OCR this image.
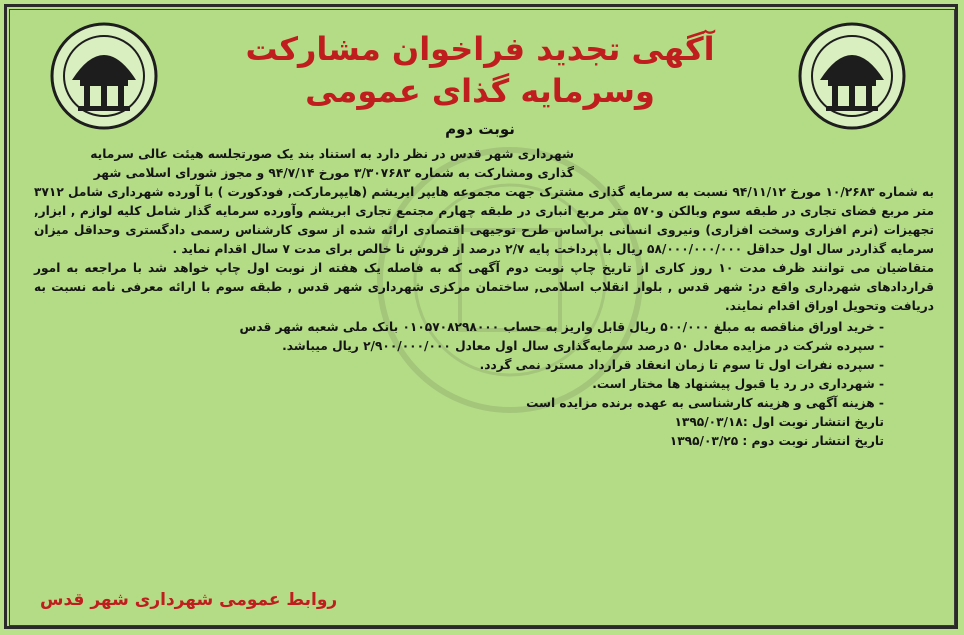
آگهی تجدید فراخوان مشارکت
وسرمایه گذای عمومی
نوبت دوم

شهرداری شهر قدس در نظر دارد به استناد بند یک صورتجلسه هیئت عالی سرمایه

گذاری ومشارکت به شماره ۳/۳۰۷۶۸۳ مورخ ۹۴/۷/۱۴ و مجوز شورای اسلامی شهر

به شماره ۱۰/۲۶۸۳ مورخ ۹۴/۱۱/۱۲ نسبت به سرمایه گذاری مشترک جهت مجموعه هایپر ابریشم (هایپرمارکت, فودکورت ) با آورده شهرداری شامل ۳۷۱۲ متر مربع فضای تجاری در طبقه سوم وبالکن و۵۷۰ متر مربع انباری در طبقه چهارم مجتمع تجاری ابریشم وآورده سرمایه گذار شامل کلیه لوازم , ابزار, تجهیزات (نرم افزاری وسخت افزاری) ونیروی انسانی براساس طرح توجیهی اقتصادی ارائه شده از سوی کارشناس رسمی دادگستری وحداقل میزان سرمایه گذاردر سال اول حداقل ۵۸/۰۰۰/۰۰۰/۰۰۰ ریال با پرداخت پایه ۲/۷ درصد از فروش نا خالص برای مدت ۷ سال اقدام نماید .

متقاضیان می توانند ظرف مدت ۱۰ روز کاری از تاریخ چاپ نوبت دوم آگهی که به فاصله یک هفته از نوبت اول چاپ خواهد شد با مراجعه به امور قراردادهای شهرداری واقع در: شهر قدس , بلوار انقلاب اسلامی, ساختمان مرکزی شهرداری شهر قدس , طبقه سوم با ارائه معرفی نامه نسبت به دریافت وتحویل اوراق اقدام نمایند.

- خرید اوراق مناقصه به مبلغ ۵۰۰/۰۰۰ ریال قابل واریز به حساب ۰۱۰۵۷۰۸۲۹۸۰۰۰ بانک ملی شعبه شهر قدس
- سپرده شرکت در مزایده معادل ۵۰ درصد سرمایه‌گذاری سال اول معادل ۲/۹۰۰/۰۰۰/۰۰۰ ریال میباشد.
- سپرده نفرات اول تا سوم تا زمان انعقاد قرارداد مسترد نمی گردد.
- شهرداری در رد یا قبول پیشنهاد ها مختار است.
- هزینه آگهی و هزینه کارشناسی به عهده برنده مزایده است

تاریخ انتشار نوبت اول :۱۳۹۵/۰۳/۱۸

تاریخ انتشار نوبت دوم : ۱۳۹۵/۰۳/۲۵

روابط عمومی شهرداری شهر قدس
